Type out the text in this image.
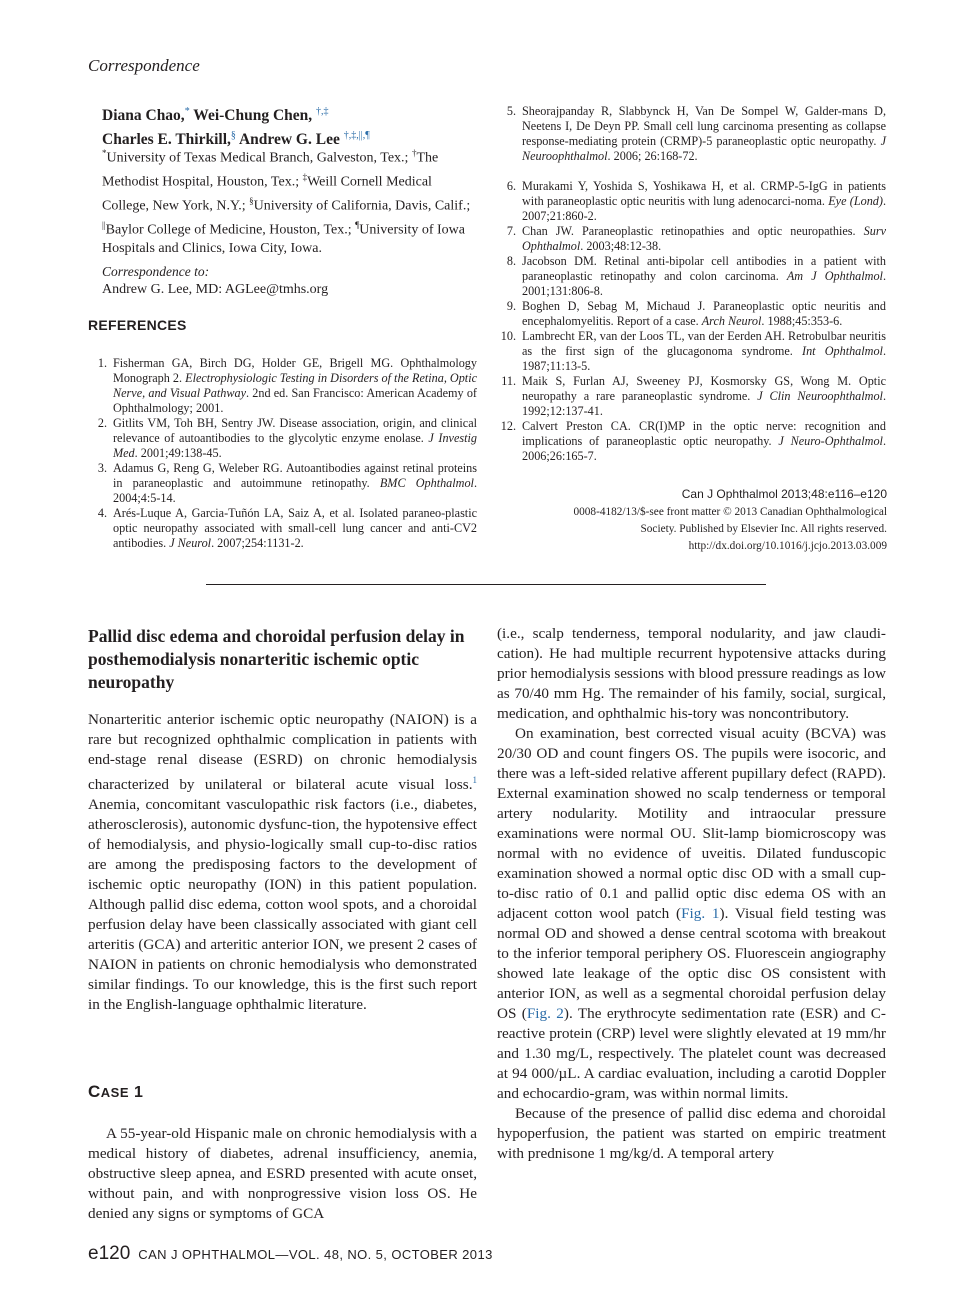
Correspondence
Diana Chao,* Wei-Chung Chen, †,‡
Charles E. Thirkill,§ Andrew G. Lee †,‡,||,¶
*University of Texas Medical Branch, Galveston, Tex.; †The Methodist Hospital, Houston, Tex.; ‡Weill Cornell Medical College, New York, N.Y.; §University of California, Davis, Calif.; ||Baylor College of Medicine, Houston, Tex.; ¶University of Iowa Hospitals and Clinics, Iowa City, Iowa.
Correspondence to:
Andrew G. Lee, MD: AGLee@tmhs.org
REFERENCES
1. Fisherman GA, Birch DG, Holder GE, Brigell MG. Ophthalmology Monograph 2. Electrophysiologic Testing in Disorders of the Retina, Optic Nerve, and Visual Pathway. 2nd ed. San Francisco: American Academy of Ophthalmology; 2001.
2. Gitlits VM, Toh BH, Sentry JW. Disease association, origin, and clinical relevance of autoantibodies to the glycolytic enzyme enolase. J Investig Med. 2001;49:138-45.
3. Adamus G, Reng G, Weleber RG. Autoantibodies against retinal proteins in paraneoplastic and autoimmune retinopathy. BMC Ophthalmol. 2004;4:5-14.
4. Arés-Luque A, Garcia-Tuñón LA, Saiz A, et al. Isolated paraneo-plastic optic neuropathy associated with small-cell lung cancer and anti-CV2 antibodies. J Neurol. 2007;254:1131-2.
5. Sheorajpanday R, Slabbynck H, Van De Sompel W, Galder-mans D, Neetens I, De Deyn PP. Small cell lung carcinoma presenting as collapse response-mediating protein (CRMP)-5 paraneoplastic optic neuropathy. J Neuroophthalmol. 2006; 26:168-72.
6. Murakami Y, Yoshida S, Yoshikawa H, et al. CRMP-5-IgG in patients with paraneoplastic optic neuritis with lung adenocarci-noma. Eye (Lond). 2007;21:860-2.
7. Chan JW. Paraneoplastic retinopathies and optic neuropathies. Surv Ophthalmol. 2003;48:12-38.
8. Jacobson DM. Retinal anti-bipolar cell antibodies in a patient with paraneoplastic retinopathy and colon carcinoma. Am J Ophthalmol. 2001;131:806-8.
9. Boghen D, Sebag M, Michaud J. Paraneoplastic optic neuritis and encephalomyelitis. Report of a case. Arch Neurol. 1988;45:353-6.
10. Lambrecht ER, van der Loos TL, van der Eerden AH. Retrobulbar neuritis as the first sign of the glucagonoma syndrome. Int Ophthalmol. 1987;11:13-5.
11. Maik S, Furlan AJ, Sweeney PJ, Kosmorsky GS, Wong M. Optic neuropathy a rare paraneoplastic syndrome. J Clin Neuroophthalmol. 1992;12:137-41.
12. Calvert Preston CA. CR(I)MP in the optic nerve: recognition and implications of paraneoplastic optic neuropathy. J Neuro-Ophthalmol. 2006;26:165-7.
Can J Ophthalmol 2013;48:e116–e120
0008-4182/13/$-see front matter © 2013 Canadian Ophthalmological
Society. Published by Elsevier Inc. All rights reserved.
http://dx.doi.org/10.1016/j.jcjo.2013.03.009
Pallid disc edema and choroidal perfusion delay in posthemodialysis nonarteritic ischemic optic neuropathy

Nonarteritic anterior ischemic optic neuropathy (NAION) is a rare but recognized ophthalmic complication in patients with end-stage renal disease (ESRD) on chronic hemodialysis characterized by unilateral or bilateral acute visual loss.$^1$ Anemia, concomitant vasculopathic risk factors (i.e., diabetes, atherosclerosis), autonomic dysfunc-tion, the hypotensive effect of hemodialysis, and physio-logically small cup-to-disc ratios are among the predisposing factors to the development of ischemic optic neuropathy (ION) in this patient population. Although pallid disc edema, cotton wool spots, and a choroidal perfusion delay have been classically associated with giant cell arteritis (GCA) and arteritic anterior ION, we present 2 cases of NAION in patients on chronic hemodialysis who demonstrated similar findings. To our knowledge, this is the first such report in the English-language ophthalmic literature.

CASE 1

A 55-year-old Hispanic male on chronic hemodialysis with a medical history of diabetes, adrenal insufficiency, anemia, obstructive sleep apnea, and ESRD presented with acute onset, without pain, and with nonprogressive vision loss OS. He denied any signs or symptoms of GCA

(i.e., scalp tenderness, temporal nodularity, and jaw claudi-cation). He had multiple recurrent hypotensive attacks during prior hemodialysis sessions with blood pressure readings as low as 70/40 mm Hg. The remainder of his family, social, surgical, medication, and ophthalmic his-tory was noncontributory.

On examination, best corrected visual acuity (BCVA) was 20/30 OD and count fingers OS. The pupils were isocoric, and there was a left-sided relative afferent pupillary defect (RAPD). External examination showed no scalp tenderness or temporal artery nodularity. Motility and intraocular pressure examinations were normal OU. Slit-lamp biomicroscopy was normal with no evidence of uveitis. Dilated funduscopic examination showed a normal optic disc OD with a small cup-to-disc ratio of 0.1 and pallid optic disc edema OS with an adjacent cotton wool patch (Fig. 1). Visual field testing was normal OD and showed a dense central scotoma with breakout to the inferior temporal periphery OS. Fluorescein angiography showed late leakage of the optic disc OS consistent with anterior ION, as well as a segmental choroidal perfusion delay OS (Fig. 2). The erythrocyte sedimentation rate (ESR) and C-reactive protein (CRP) level were slightly elevated at 19 mm/hr and 1.30 mg/L, respectively. The platelet count was decreased at 94 000/µL. A cardiac evaluation, including a carotid Doppler and echocardio-gram, was within normal limits.

Because of the presence of pallid disc edema and choroidal hypoperfusion, the patient was started on empiric treatment with prednisone 1 mg/kg/d. A temporal artery

e120 CAN J OPHTHALMOL—VOL. 48, NO. 5, OCTOBER 2013
